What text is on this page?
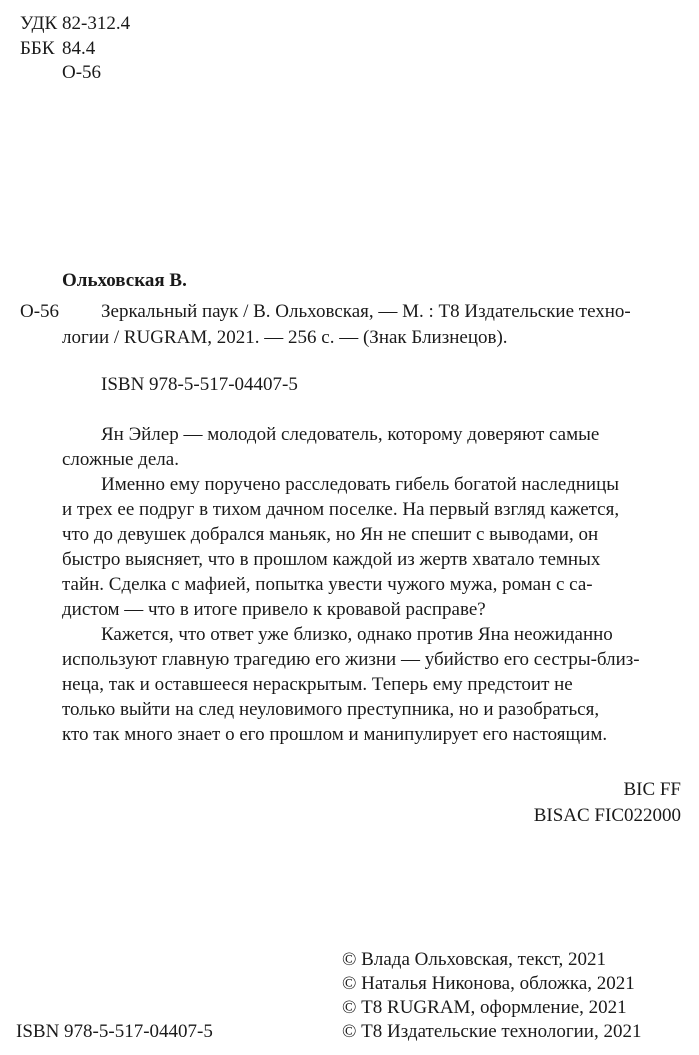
УДК 82-312.4
ББК 84.4
О-56
Ольховская В.
О-56 Зеркальный паук / В. Ольховская, — М. : Т8 Издательские техно-
логии / RUGRAM, 2021. — 256 с. — (Знак Близнецов).
ISBN 978-5-517-04407-5
Ян Эйлер — молодой следователь, которому доверяют самые
сложные дела.
Именно ему поручено расследовать гибель богатой наследницы
и трех ее подруг в тихом дачном поселке. На первый взгляд кажется,
что до девушек добрался маньяк, но Ян не спешит с выводами, он
быстро выясняет, что в прошлом каждой из жертв хватало темных
тайн. Сделка с мафией, попытка увести чужого мужа, роман с са-
дистом — что в итоге привело к кровавой расправе?
Кажется, что ответ уже близко, однако против Яна неожиданно
используют главную трагедию его жизни — убийство его сестры-близ-
неца, так и оставшееся нераскрытым. Теперь ему предстоит не
только выйти на след неуловимого преступника, но и разобраться,
кто так много знает о его прошлом и манипулирует его настоящим.
BIC FF
BISAC FIC022000
© Влада Ольховская, текст, 2021
© Наталья Никонова, обложка, 2021
© Т8 RUGRAM, оформление, 2021
© Т8 Издательские технологии, 2021
ISBN 978-5-517-04407-5
